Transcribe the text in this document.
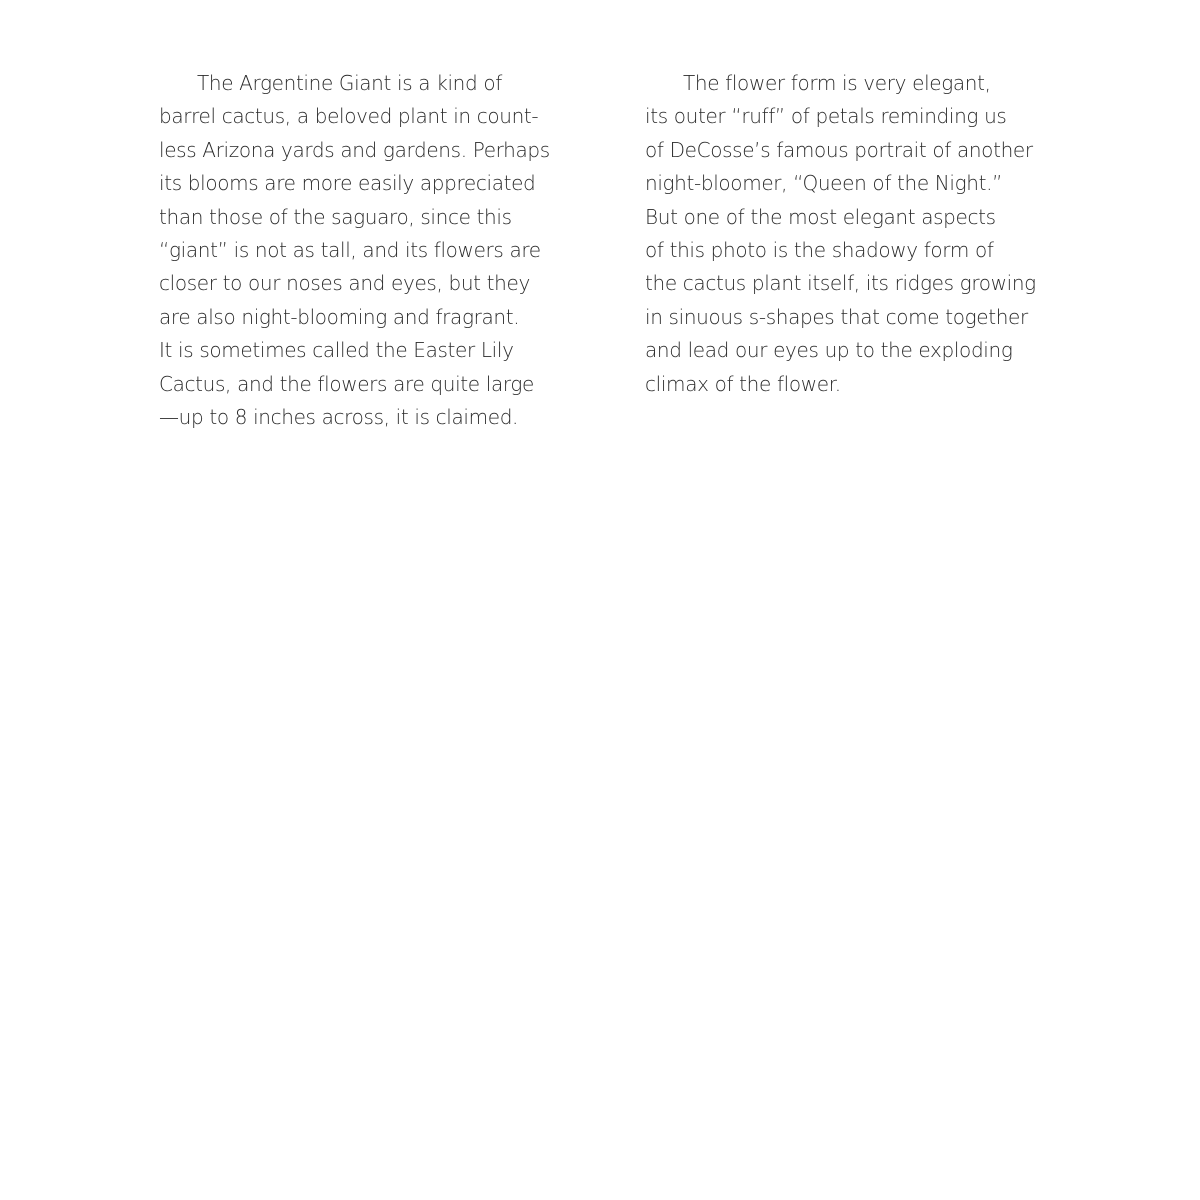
The Argentine Giant is a kind of
barrel cactus, a beloved plant in count-
less Arizona yards and gardens. Perhaps
its blooms are more easily appreciated
than those of the saguaro, since this
“giant” is not as tall, and its flowers are
closer to our noses and eyes, but they
are also night-blooming and fragrant.
It is sometimes called the Easter Lily
Cactus, and the flowers are quite large
—up to 8 inches across, it is claimed.
The flower form is very elegant,
its outer “ruff” of petals reminding us
of DeCosse’s famous portrait of another
night-bloomer, “Queen of the Night.”
But one of the most elegant aspects
of this photo is the shadowy form of
the cactus plant itself, its ridges growing
in sinuous s-shapes that come together
and lead our eyes up to the exploding
climax of the flower.
